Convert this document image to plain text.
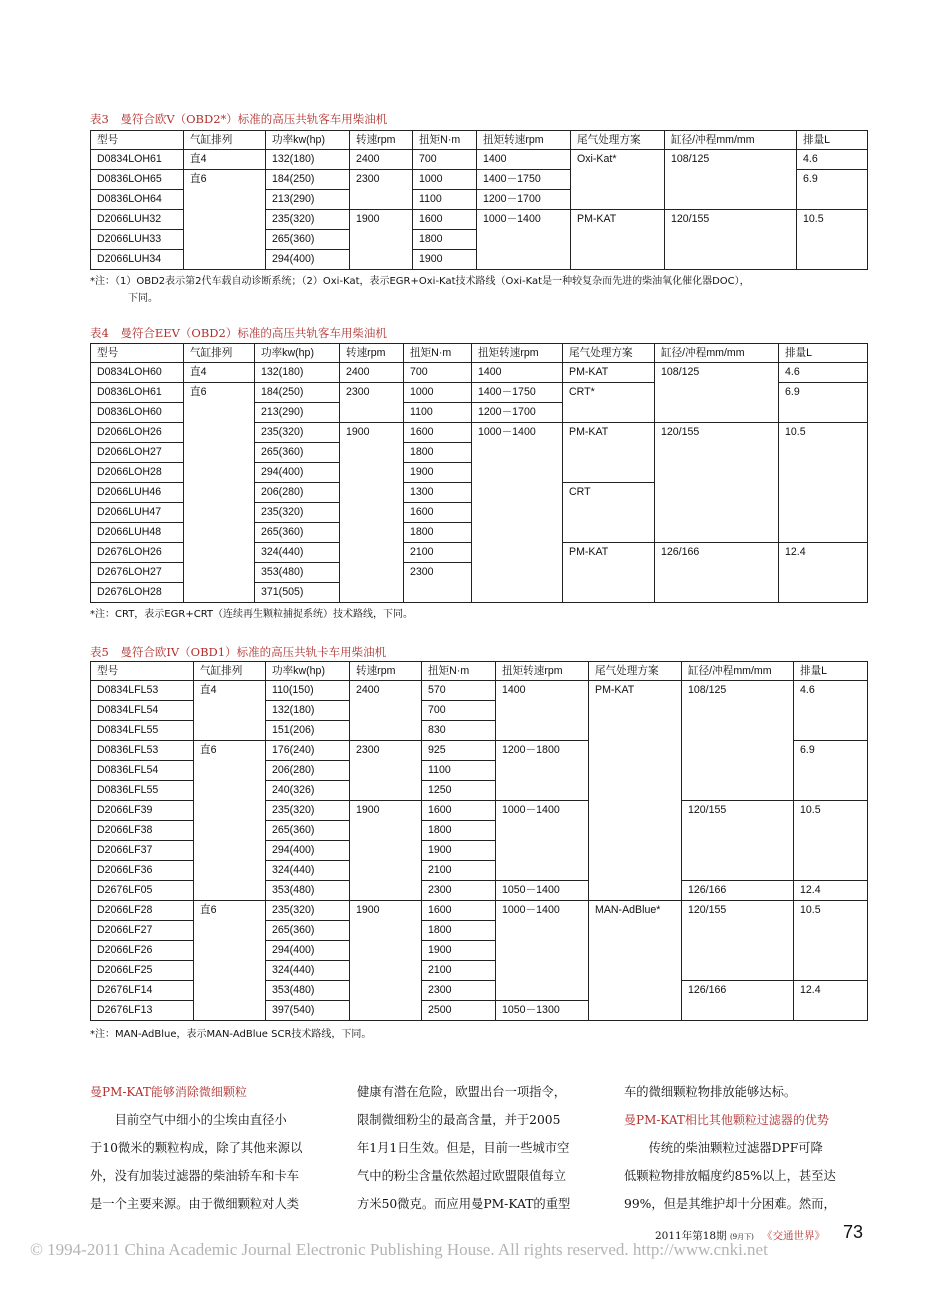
表3　曼符合欧V（OBD2*）标准的高压共轨客车用柴油机
型号	气缸排列	功率kw(hp)	转速rpm	扭矩N·m	扭矩转速rpm	尾气处理方案	缸径/冲程mm/mm	排量L
D0834LOH61	直4	132(180)	2400	700	1400	Oxi-Kat*	108/125	4.6
D0836LOH65	直6	184(250)	2300	1000	1400－1750			6.9
D0836LOH64		213(290)		1100	1200－1700			
D2066LUH32		235(320)	1900	1600	1000－1400	PM-KAT	120/155	10.5
D2066LUH33		265(360)		1800				
D2066LUH34		294(400)		1900				
*注：（1）OBD2表示第2代车载自动诊断系统；（2）Oxi-Kat，表示EGR+Oxi-Kat技术路线（Oxi-Kat是一种较复杂而先进的柴油氧化催化器DOC），
下同。
表4　曼符合EEV（OBD2）标准的高压共轨客车用柴油机
型号	气缸排列	功率kw(hp)	转速rpm	扭矩N·m	扭矩转速rpm	尾气处理方案	缸径/冲程mm/mm	排量L
D0834LOH60	直4	132(180)	2400	700	1400	PM-KAT	108/125	4.6
D0836LOH61	直6	184(250)	2300	1000	1400－1750	CRT*		6.9
D0836LOH60		213(290)		1100	1200－1700			
D2066LOH26		235(320)	1900	1600	1000－1400	PM-KAT	120/155	10.5
D2066LOH27		265(360)		1800				
D2066LOH28		294(400)		1900				
D2066LUH46		206(280)		1300		CRT		
D2066LUH47		235(320)		1600				
D2066LUH48		265(360)		1800				
D2676LOH26		324(440)		2100		PM-KAT	126/166	12.4
D2676LOH27		353(480)		2300				
D2676LOH28		371(505)						
*注：CRT，表示EGR+CRT（连续再生颗粒捕捉系统）技术路线，下同。
表5　曼符合欧IV（OBD1）标准的高压共轨卡车用柴油机
型号	气缸排列	功率kw(hp)	转速rpm	扭矩N·m	扭矩转速rpm	尾气处理方案	缸径/冲程mm/mm	排量L
D0834LFL53	直4	110(150)	2400	570	1400	PM-KAT	108/125	4.6
D0834LFL54		132(180)		700				
D0834LFL55		151(206)		830				
D0836LFL53	直6	176(240)	2300	925	1200－1800			6.9
D0836LFL54		206(280)		1100				
D0836LFL55		240(326)		1250				
D2066LF39		235(320)	1900	1600	1000－1400		120/155	10.5
D2066LF38		265(360)		1800				
D2066LF37		294(400)		1900				
D2066LF36		324(440)		2100				
D2676LF05		353(480)		2300	1050－1400		126/166	12.4
D2066LF28	直6	235(320)	1900	1600	1000－1400	MAN-AdBlue*	120/155	10.5
D2066LF27		265(360)		1800				
D2066LF26		294(400)		1900				
D2066LF25		324(440)		2100				
D2676LF14		353(480)		2300			126/166	12.4
D2676LF13		397(540)		2500	1050－1300			
*注：MAN-AdBlue，表示MAN-AdBlue SCR技术路线，下同。

曼PM-KAT能够消除微细颗粒

目前空气中细小的尘埃由直径小

于10微米的颗粒构成，除了其他来源以

外，没有加装过滤器的柴油轿车和卡车

是一个主要来源。由于微细颗粒对人类

健康有潜在危险，欧盟出台一项指令，

限制微细粉尘的最高含量，并于2005

年1月1日生效。但是，目前一些城市空

气中的粉尘含量依然超过欧盟限值每立

方米50微克。而应用曼PM-KAT的重型

车的微细颗粒物排放能够达标。

曼PM-KAT相比其他颗粒过滤器的优势

传统的柴油颗粒过滤器DPF可降

低颗粒物排放幅度约85%以上，甚至达

99%，但是其维护却十分困难。然而，

2011年第18期 (9月下) 《交通世界》 73
© 1994-2011 China Academic Journal Electronic Publishing House. All rights reserved. http://www.cnki.net
